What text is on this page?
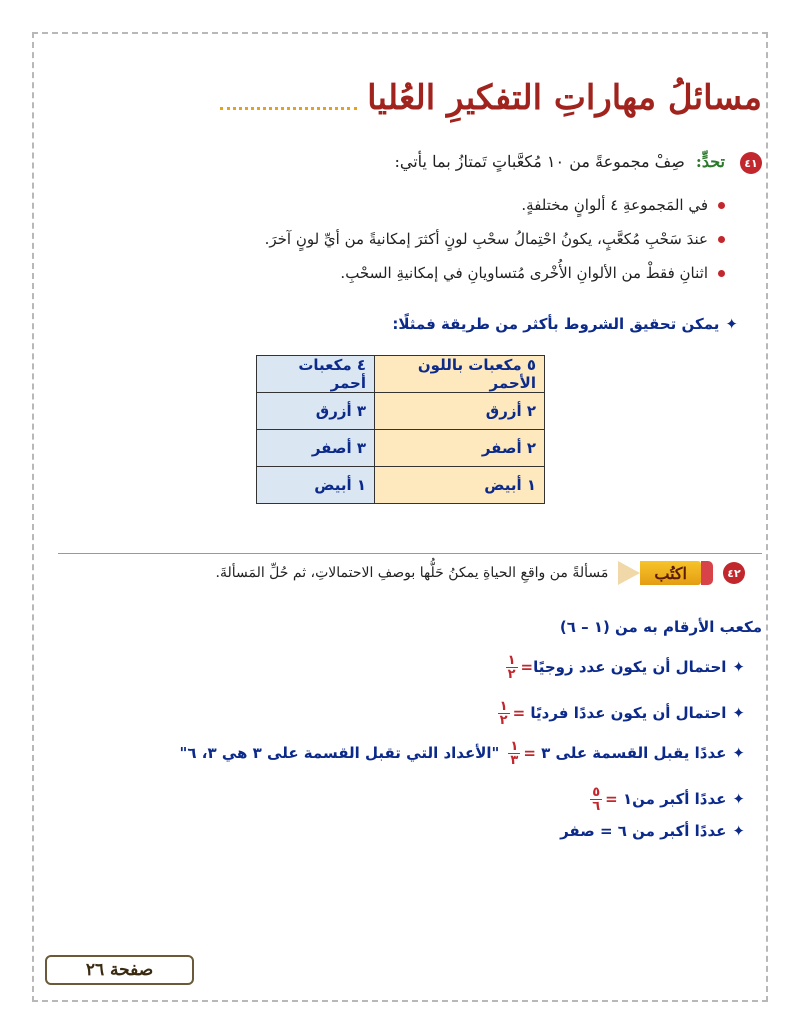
مسائلُ مهاراتِ التفكيرِ العُليا
٤١
تحدٍّ: صِفْ مجموعةً من ١٠ مُكعَّباتٍ تَمتازُ بما يأتي:
في المَجموعةِ ٤ ألوانٍ مختلفةٍ.
عندَ سَحْبِ مُكعَّبٍ، يكونُ احْتِمالُ سحْبِ لونٍ أكثرَ إمكانيةً من أيِّ لونٍ آخرَ.
اثنانِ فقطْ من الألوانِ الأُخْرى مُتساويانِ في إمكانيةِ السحْبِ.
✦يمكن تحقيق الشروط بأكثر من طريقة فمثلًا:
٥ مكعبات باللون الأحمر	٤ مكعبات أحمر
٢ أزرق	٣ أزرق
٢ أصفر	٣ أصفر
١ أبيض	١ أبيض
٤٢
اكتُب
مَسألةً من واقعِ الحياةِ يمكنُ حَلُّها بوصفِ الاحتمالاتِ، ثم حُلِّ المَسألةَ.
مكعب الأرقام به من (١ – ٦)
✦احتمال أن يكون عدد زوجيًا=
$\frac{١}{٢}$
✦احتمال أن يكون عددًا فرديًا =
$\frac{١}{٢}$
✦عددًا يقبل القسمة على ٣ =
$\frac{١}{٣}$
"الأعداد التي تقبل القسمة على ٣ هي ٣، ٦"
✦عددًا أكبر من١ =
$\frac{٥}{٦}$
✦عددًا أكبر من ٦ = صفر
صفحة ٢٦
